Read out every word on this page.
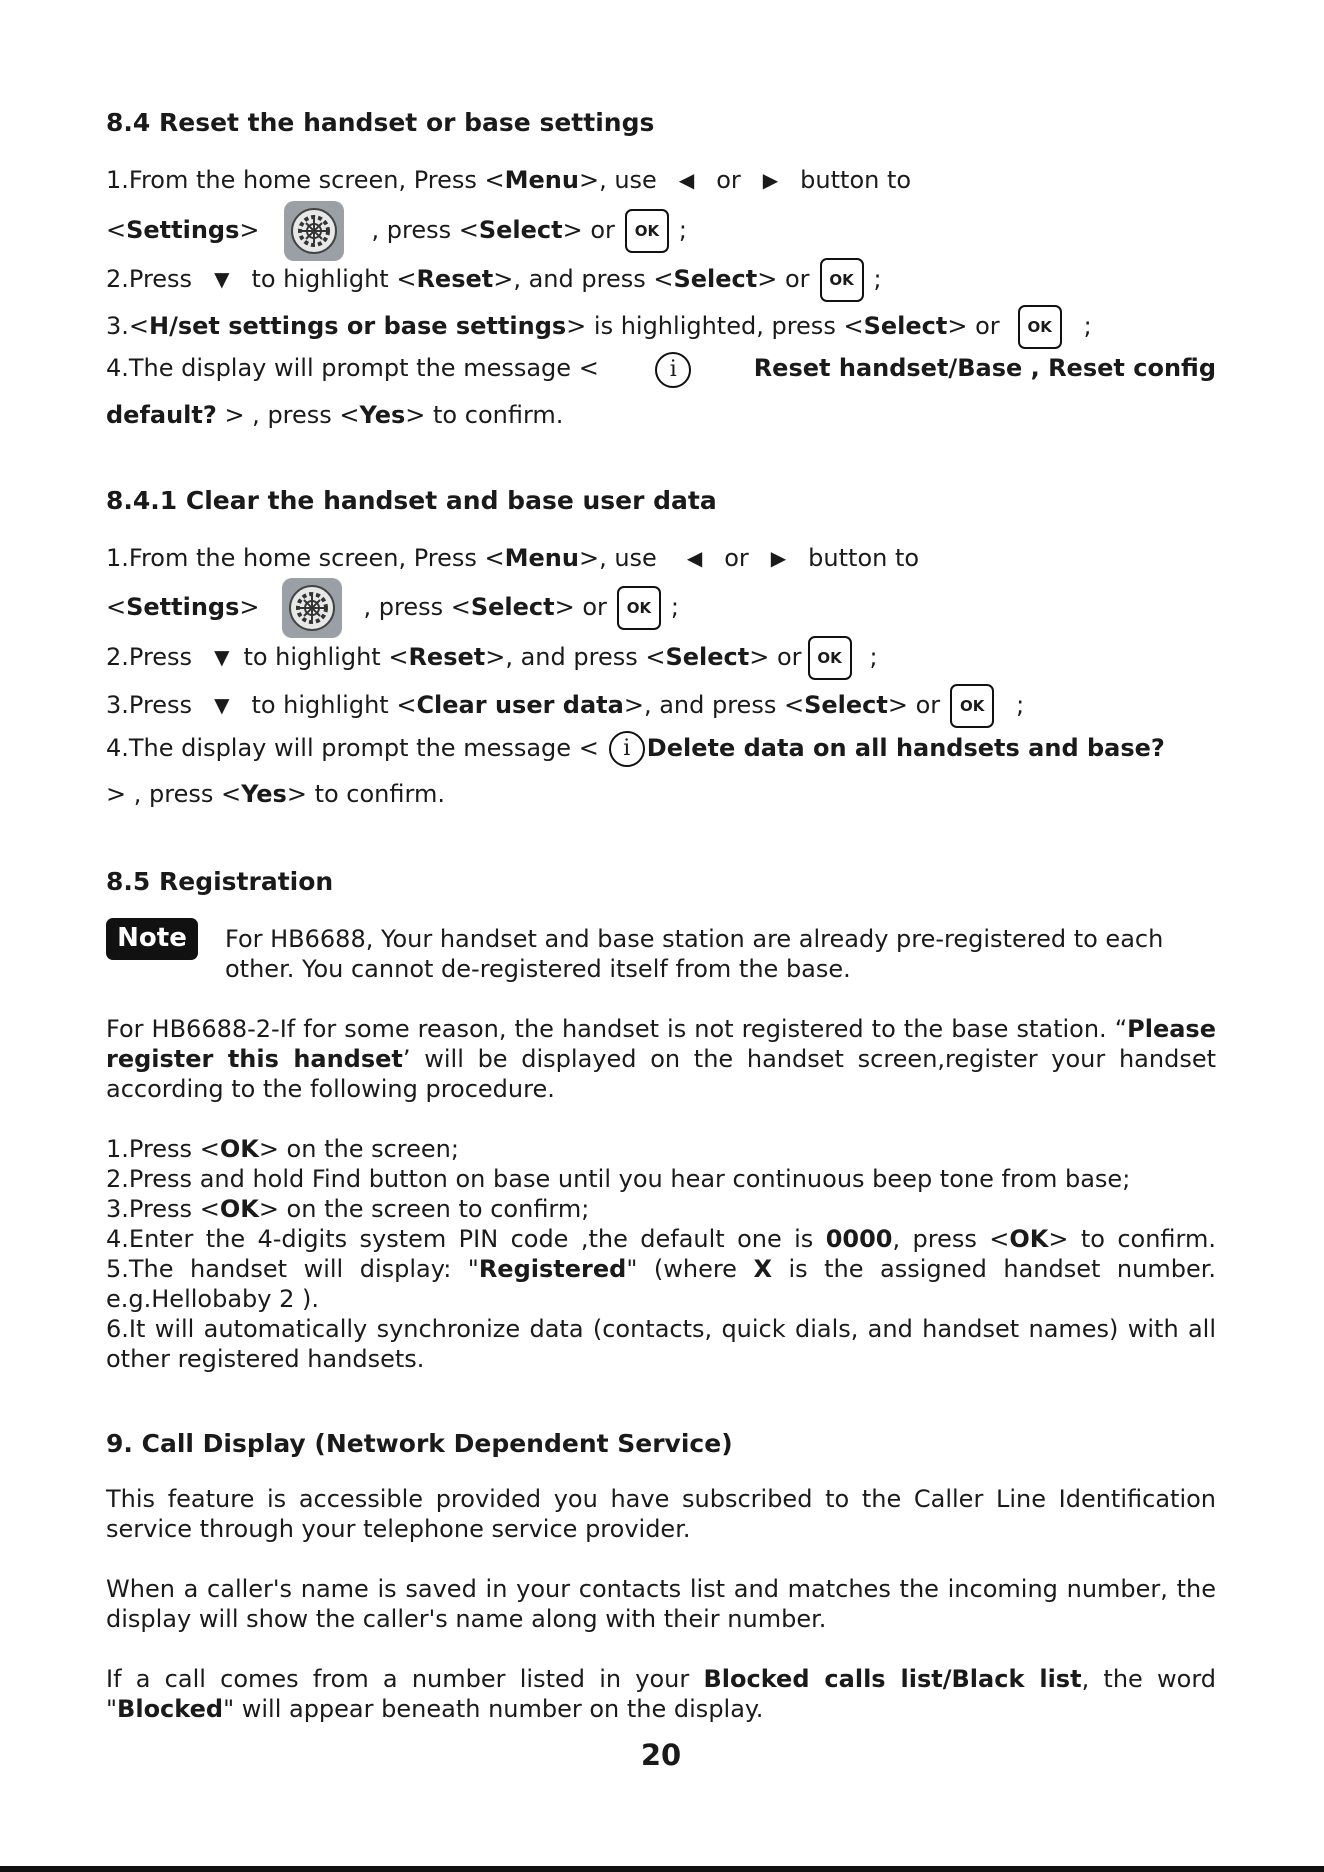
8.4 Reset the handset or base settings
1.From the home screen, Press <Menu>, use ◀ or ▶ button to
<Settings>	, press <Select> or OK ;
2.Press ▼ to highlight <Reset>, and press <Select> or OK ;
3.<H/set settings or base settings> is highlighted, press <Select> or OK ;
4.The display will prompt the message <	i	Reset handset/Base , Reset config
default? > , press <Yes> to confirm.
8.4.1 Clear the handset and base user data
1.From the home screen, Press <Menu>, use ◀ or ▶ button to
<Settings>	, press <Select> or OK ;
2.Press ▼ to highlight <Reset>, and press <Select> or OK ;
3.Press ▼ to highlight <Clear user data>, and press <Select> or OK ;
4.The display will prompt the message < i Delete data on all handsets and base?
> , press <Yes> to confirm.
8.5 Registration
Note	For HB6688, Your handset and base station are already pre-registered to each
other. You cannot de-registered itself from the base.
For HB6688-2-If for some reason, the handset is not registered to the base station. “Please register this handset’ will be displayed on the handset screen,register your handset according to the following procedure.
1.Press <OK> on the screen;
2.Press and hold Find button on base until you hear continuous beep tone from base;
3.Press <OK> on the screen to confirm;
4.Enter the 4-digits system PIN code ,the default one is 0000, press <OK> to confirm.
5.The handset will display: "Registered" (where X is the assigned handset number. e.g.Hellobaby 2 ).
6.It will automatically synchronize data (contacts, quick dials, and handset names) with all other registered handsets.
9. Call Display (Network Dependent Service)
This feature is accessible provided you have subscribed to the Caller Line Identification service through your telephone service provider.
When a caller's name is saved in your contacts list and matches the incoming number, the display will show the caller's name along with their number.
If a call comes from a number listed in your Blocked calls list/Black list, the word "Blocked" will appear beneath number on the display.
20
